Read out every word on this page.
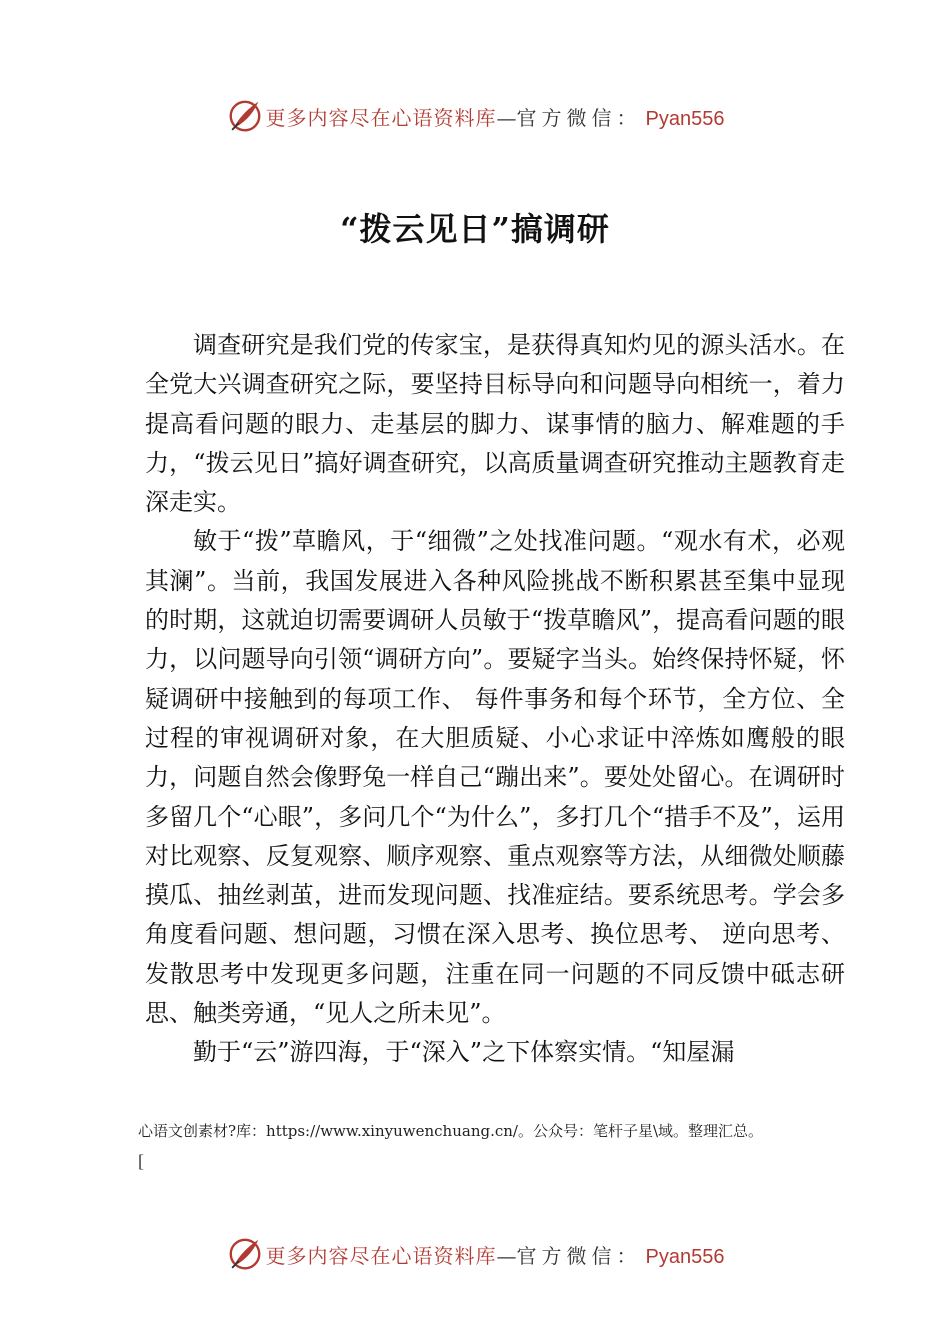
更多内容尽在心语资料库—官方微信： Pyan556
“拨云见日”搞调研

调查研究是我们党的传家宝，是获得真知灼见的源头活水。在全党大兴调查研究之际，要坚持目标导向和问题导向相统一，着力提高看问题的眼力、走基层的脚力、谋事情的脑力、解难题的手力，“拨云见日”搞好调查研究，以高质量调查研究推动主题教育走深走实。

敏于“拨”草瞻风，于“细微”之处找准问题。“观水有术，必观其澜”。当前，我国发展进入各种风险挑战不断积累甚至集中显现的时期，这就迫切需要调研人员敏于“拨草瞻风”，提高看问题的眼力，以问题导向引领“调研方向”。要疑字当头。始终保持怀疑，怀疑调研中接触到的每项工作、 每件事务和每个环节，全方位、全过程的审视调研对象，在大胆质疑、小心求证中淬炼如鹰般的眼力，问题自然会像野兔一样自己“蹦出来”。要处处留心。在调研时多留几个“心眼”，多问几个“为什么”，多打几个“措手不及”，运用对比观察、反复观察、顺序观察、重点观察等方法，从细微处顺藤摸瓜、抽丝剥茧，进而发现问题、找准症结。要系统思考。学会多角度看问题、想问题，习惯在深入思考、换位思考、 逆向思考、发散思考中发现更多问题，注重在同一问题的不同反馈中砥志研思、触类旁通，“见人之所未见”。

勤于“云”游四海，于“深入”之下体察实情。“知屋漏

心语文创素材?库：https://www.xinyuwenchuang.cn/。公众号：笔杆子星\域。整理汇总。
[
更多内容尽在心语资料库—官方微信： Pyan556
